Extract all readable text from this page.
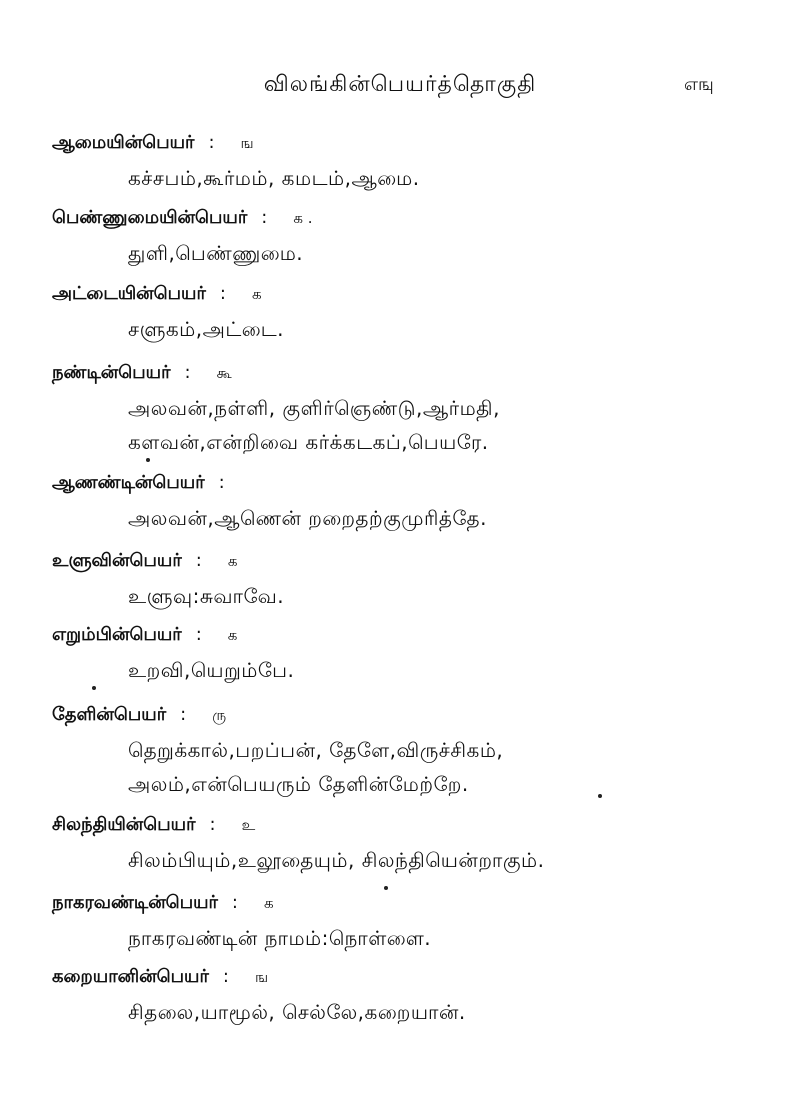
விலங்கின்பெயர்த்தொகுதி	எஙு
ஆமையின்பெயர் : ங
கச்சபம்,கூர்மம், கமடம்,ஆமை.
பெண்ணுமையின்பெயர் : க .
துளி,பெண்ணுமை.
அட்டையின்பெயர் : க
சளுகம்,அட்டை.
நண்டின்பெயர் : கூ
அலவன்,நள்ளி, குளிர்ஞெண்டு,ஆர்மதி,
களவன்,என்றிவை கர்க்கடகப்,பெயரே.
ஆணண்டின்பெயர் :
அலவன்,ஆணென் றறைதற்குமுரித்தே.
உளுவின்பெயர் : க
உளுவு:சுவாவே.
எறும்பின்பெயர் : க
உறவி,யெறும்பே.
தேளின்பெயர் : ரு
தெறுக்கால்,பறப்பன், தேளே,விருச்சிகம்,
அலம்,என்பெயரும் தேளின்மேற்றே.
சிலந்தியின்பெயர் : உ
சிலம்பியும்,உலூதையும், சிலந்தியென்றாகும்.
நாகரவண்டின்பெயர் : க
நாகரவண்டின் நாமம்:நொள்ளை.
கறையானின்பெயர் : ங
சிதலை,யாமூல், செல்லே,கறையான்.
